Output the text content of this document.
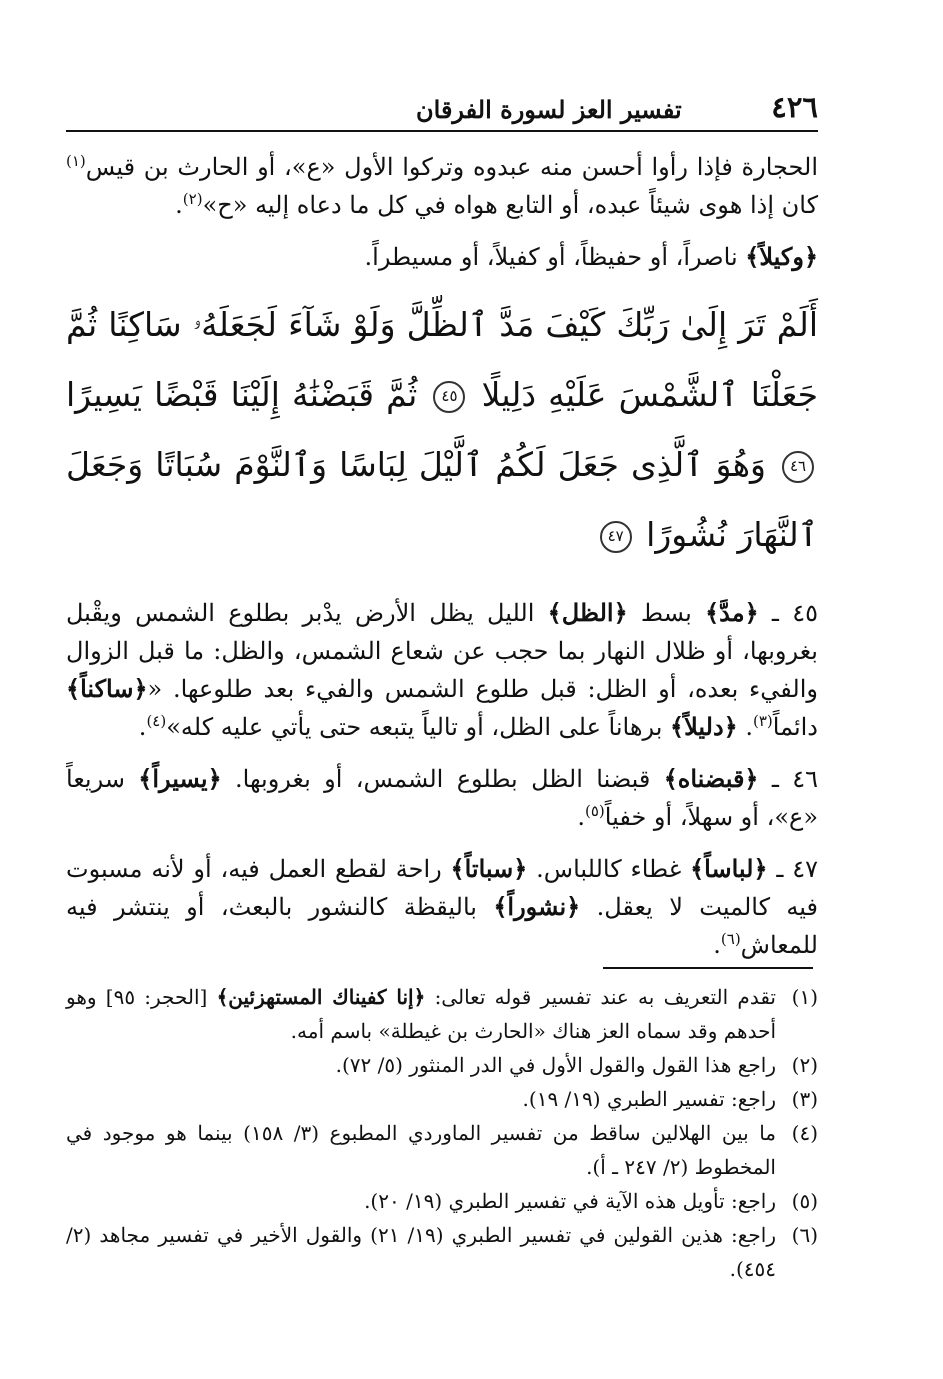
٤٢٦
تفسير العز لسورة الفرقان

الحجارة فإذا رأوا أحسن منه عبدوه وتركوا الأول «ع»، أو الحارث بن قيس$^{(١)}$ كان إذا هوى شيئاً عبده، أو التابع هواه في كل ما دعاه إليه «ح»$^{(٢)}$.

﴿وكيلاً﴾ ناصراً، أو حفيظاً، أو كفيلاً، أو مسيطراً.

أَلَمْ تَرَ إِلَىٰ رَبِّكَ كَيْفَ مَدَّ ٱلظِّلَّ وَلَوْ شَآءَ لَجَعَلَهُۥ سَاكِنًا ثُمَّ جَعَلْنَا ٱلشَّمْسَ عَلَيْهِ دَلِيلًا ٤٥ ثُمَّ قَبَضْنَٰهُ إِلَيْنَا قَبْضًا يَسِيرًا ٤٦ وَهُوَ ٱلَّذِى جَعَلَ لَكُمُ ٱلَّيْلَ لِبَاسًا وَٱلنَّوْمَ سُبَاتًا وَجَعَلَ ٱلنَّهَارَ نُشُورًا ٤٧

٤٥ ـ ﴿مدَّ﴾ بسط ﴿الظل﴾ الليل يظل الأرض يدْبر بطلوع الشمس ويقْبل بغروبها، أو ظلال النهار بما حجب عن شعاع الشمس، والظل: ما قبل الزوال والفيء بعده، أو الظل: قبل طلوع الشمس والفيء بعد طلوعها. «﴿ساكناً﴾ دائماً$^{(٣)}$. ﴿دليلاً﴾ برهاناً على الظل، أو تالياً يتبعه حتى يأتي عليه كله»$^{(٤)}$.

٤٦ ـ ﴿قبضناه﴾ قبضنا الظل بطلوع الشمس، أو بغروبها. ﴿يسيراً﴾ سريعاً «ع»، أو سهلاً، أو خفياً$^{(٥)}$.

٤٧ ـ ﴿لباساً﴾ غطاء كاللباس. ﴿سباتاً﴾ راحة لقطع العمل فيه، أو لأنه مسبوت فيه كالميت لا يعقل. ﴿نشوراً﴾ باليقظة كالنشور بالبعث، أو ينتشر فيه للمعاش$^{(٦)}$.

(١)
تقدم التعريف به عند تفسير قوله تعالى: ﴿إنا كفيناك المستهزئين﴾ [الحجر: ٩٥] وهو أحدهم وقد سماه العز هناك «الحارث بن غيطلة» باسم أمه.
(٢)
راجع هذا القول والقول الأول في الدر المنثور (٥/ ٧٢).
(٣)
راجع: تفسير الطبري (١٩/ ١٩).
(٤)
ما بين الهلالين ساقط من تفسير الماوردي المطبوع (٣/ ١٥٨) بينما هو موجود في المخطوط (٢/ ٢٤٧ ـ أ).
(٥)
راجع: تأويل هذه الآية في تفسير الطبري (١٩/ ٢٠).
(٦)
راجع: هذين القولين في تفسير الطبري (١٩/ ٢١) والقول الأخير في تفسير مجاهد (٢/ ٤٥٤).
